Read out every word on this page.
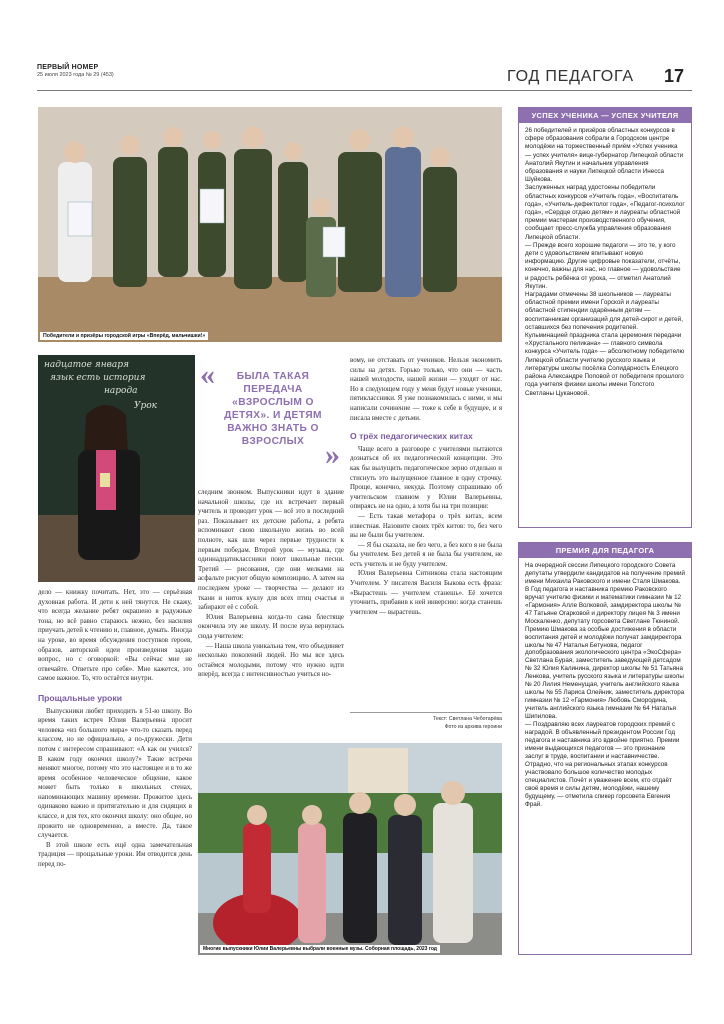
ПЕРВЫЙ НОМЕР
25 июля 2023 года № 29 (453)	ГОД ПЕДАГОГА 17
Победители и призёры городской игры «Вперёд, мальчишки!»
надцатое января
язык есть история
народа
Урок
«
»
БЫЛА ТАКАЯ ПЕРЕДАЧА «ВЗРОСЛЫМ О ДЕТЯХ». И ДЕТЯМ ВАЖНО ЗНАТЬ О ВЗРОСЛЫХ

дело — книжку почитать. Нет, это — серьёзная духовная работа. И дети к ней тянутся. Не скажу, что всегда желание ребят окрашено в радужные тона, но всё равно стараюсь нежно, без насилия приучать детей к чтению и, главное, думать. Иногда на уроке, во время обсуждения поступков героев, образов, авторской идеи произведения задаю вопрос, но с оговоркой: «Вы сейчас мне не отвечайте. Ответьте про себя». Мне кажется, это самое важное. То, что остаётся внутри.

Прощальные уроки

Выпускники любят приходить в 51-ю школу. Во время таких встреч Юлия Валерьевна просит человека «из большого мира» что-то сказать перед классом, но не официально, а по-дружески. Дети потом с интересом спрашивают: «А как он учился? В каком году окончил школу?» Такие встречи меняют многое, потому что это настоящее и в то же время особенное человеческое общение, какое может быть только в школьных стенах, напоминающих машину времени. Прожитое здесь одинаково важно и притягательно и для сидящих в классе, и для тех, кто окончил школу: оно общее, но прожито не одновременно, а вместе. Да, такое случается.

В этой школе есть ещё одна замечательная традиция — прощальные уроки. Им отводится день перед по-

следним звонком. Выпускники идут в здание начальной школы, где их встречает первый учитель и проводит урок — всё это в последний раз. Показывает их детские работы, а ребята вспоминают свою школьную жизнь во всей полноте, как шли через первые трудности к первым победам. Второй урок — музыка, где одиннадцатиклассники поют школьные песни. Третий — рисования, где они мелками на асфальте рисуют общую композицию. А затем на последнем уроке — творчества — делают из ткани и ниток куклу для всех птиц счастья и забирают её с собой.

Юлия Валерьевна когда-то сама блестяще окончила эту же школу. И после вуза вернулась сюда учителем:

— Наша школа уникальна тем, что объединяет несколько поколений людей. Но мы все здесь остаёмся молодыми, потому что нужно идти вперёд, всегда с интенсивностью учиться но-

вому, не отставать от учеников. Нельзя экономить силы на детях. Горько только, что они — часть нашей молодости, нашей жизни — уходят от нас. Но в следующем году у меня будут новые ученики, пятиклассники. Я уже познакомилась с ними, и мы написали сочинение — тоже к себе в будущее, и я писала вместе с детьми.

О трёх педагогических китах

Чаще всего в разговоре с учителями пытаются дознаться об их педагогической концепции. Это как бы вылущить педагогическое зерно отдельно и стиснуть это вылущенное главное в одну строчку. Проще, конечно, некуда. Поэтому спрашиваю об учительском главном у Юлии Валерьевны, опираясь не на одно, а хотя бы на три позиции:

— Есть такая метафора о трёх китах, всем известная. Назовите своих трёх китов: то, без чего вы не были бы учителем.

— Я бы сказала, не без чего, а без кого я не была бы учителем. Без детей я не была бы учителем, не есть учитель и не буду учителем.

Юлия Валерьевна Ситникова стала настоящим Учителем. У писателя Василя Быкова есть фраза: «Вырастешь — учителем станешь». Её хочется уточнить, прибавив к ней инверсию: когда станешь учителем — вырастешь.

Текст: Светлана Чеботарёва
Фото из архива героини
Многие выпускники Юлии Валерьевны выбрали военные вузы. Соборная площадь, 2023 год
УСПЕХ УЧЕНИКА — УСПЕХ УЧИТЕЛЯ

26 победителей и призёров областных конкурсов в сфере образования собрали в Городском центре молодёжи на торжественный приём «Успех ученика — успех учителя» вице-губернатор Липецкой области Анатолий Якутин и начальник управления образования и науки Липецкой области Инесса Шуйкова.

Заслуженных наград удостоены победители областных конкурсов «Учитель года», «Воспитатель года», «Учитель-дефектолог года», «Педагог-психолог года», «Сердце отдаю детям» и лауреаты областной премии мастерам производственного обучения, сообщает пресс-служба управления образования Липецкой области.

— Прежде всего хорошие педагоги — это те, у кого дети с удовольствием впитывают новую информацию. Другие цифровые показатели, отчёты, конечно, важны для нас, но главное — удовольствие и радость ребёнка от урока, — отметил Анатолий Якутин.

Наградами отмечены 38 школьников — лауреаты областной премии имени Горской и лауреаты областной стипендии одарённым детям — воспитанникам организаций для детей-сирот и детей, оставшихся без попечения родителей.

Кульминацией праздника стала церемония передачи «Хрустального пеликана» — главного символа конкурса «Учитель года» — абсолютному победителю Липецкой области учителю русского языка и литературы школы посёлка Солидарность Елецкого района Александре Поповой от победителя прошлого года учителя физики школы имени Толстого Светланы Цукановой.

ПРЕМИЯ ДЛЯ ПЕДАГОГА

На очередной сессии Липецкого городского Совета депутаты утвердили кандидатов на получение премий имени Михаила Раковского и имени Сталя Шмакова.

В Год педагога и наставника премию Раковского вручат учителю физики и математики гимназии № 12 «Гармония» Алле Волковой, замдиректора школы № 47 Татьяне Огарковой и директору лицея № 3 имени Москаленко, депутату горсовета Светлане Тюниной.

Премию Шмакова за особые достижения в области воспитания детей и молодёжи получат замдиректора школы № 47 Наталья Бетунова, педагог допобразования экологического центра «ЭкоСфера» Светлана Бурая, заместитель заведующей детсадом № 32 Юлия Калинина, директор школы № 51 Татьяна Ленкова, учитель русского языка и литературы школы № 20 Лилия Неменущая, учитель английского языка школы № 55 Лариса Олейник, заместитель директора гимназии № 12 «Гармония» Любовь Смородина, учитель английского языка гимназии № 64 Наталья Шипилова.

— Поздравляю всех лауреатов городских премий с наградой. В объявленный президентом России Год педагога и наставника это вдвойне приятно. Премии имени выдающихся педагогов — это признание заслуг в труде, воспитании и наставничестве. Отрадно, что на региональных этапах конкурсов участвовало большое количество молодых специалистов. Почёт и уважение всем, кто отдаёт своё время и силы детям, молодёжи, нашему будущему, — отметила спикер горсовета Евгения Фрай.
